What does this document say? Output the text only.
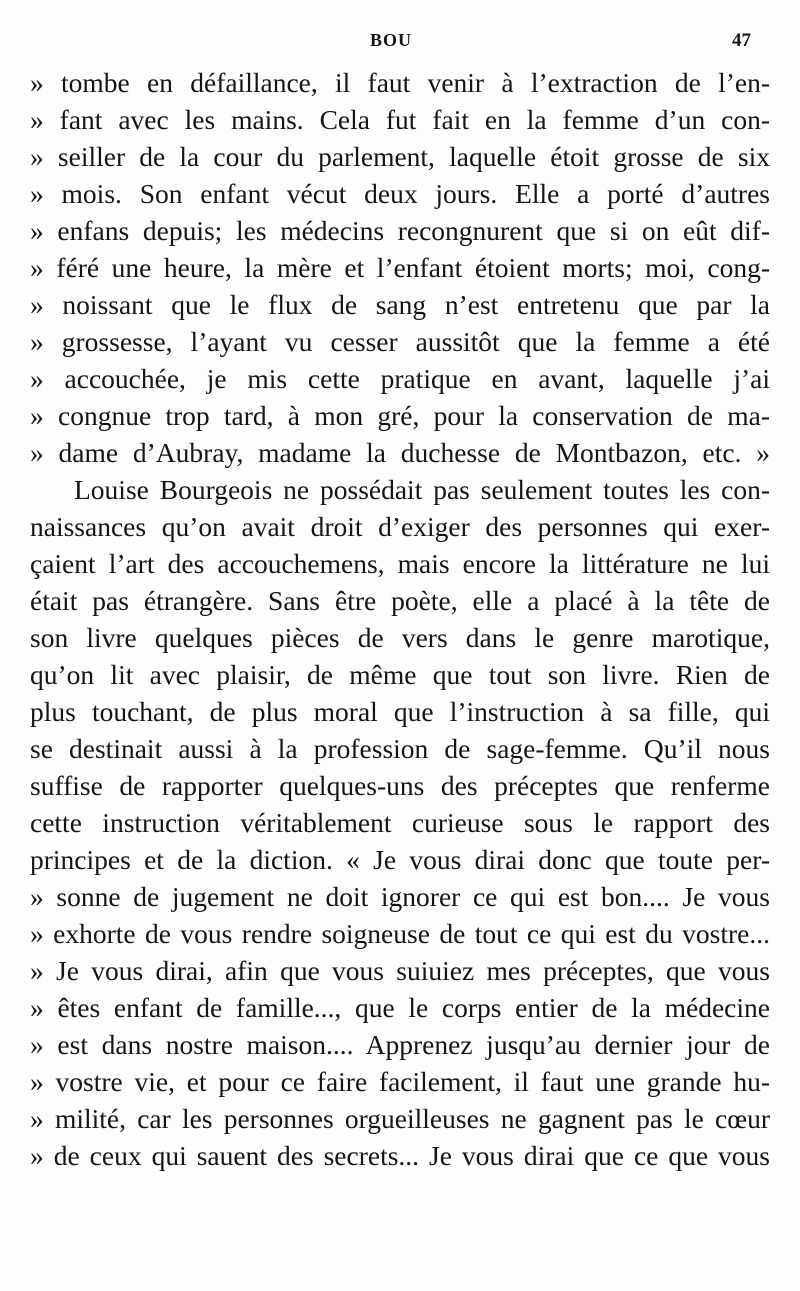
BOU	47
» tombe en défaillance, il faut venir à l’extraction de l’en-
» fant avec les mains. Cela fut fait en la femme d’un con-
» seiller de la cour du parlement, laquelle étoit grosse de six
» mois. Son enfant vécut deux jours. Elle a porté d’autres
» enfans depuis; les médecins recongnurent que si on eût dif-
» féré une heure, la mère et l’enfant étoient morts; moi, cong-
» noissant que le flux de sang n’est entretenu que par la
» grossesse, l’ayant vu cesser aussitôt que la femme a été
» accouchée, je mis cette pratique en avant, laquelle j’ai
» congnue trop tard, à mon gré, pour la conservation de ma-
» dame d’Aubray, madame la duchesse de Montbazon, etc. »
Louise Bourgeois ne possédait pas seulement toutes les con-
naissances qu’on avait droit d’exiger des personnes qui exer-
çaient l’art des accouchemens, mais encore la littérature ne lui
était pas étrangère. Sans être poète, elle a placé à la tête de
son livre quelques pièces de vers dans le genre marotique,
qu’on lit avec plaisir, de même que tout son livre. Rien de
plus touchant, de plus moral que l’instruction à sa fille, qui
se destinait aussi à la profession de sage-femme. Qu’il nous
suffise de rapporter quelques-uns des préceptes que renferme
cette instruction véritablement curieuse sous le rapport des
principes et de la diction. « Je vous dirai donc que toute per-
» sonne de jugement ne doit ignorer ce qui est bon.... Je vous
» exhorte de vous rendre soigneuse de tout ce qui est du vostre...
» Je vous dirai, afin que vous suiuiez mes préceptes, que vous
» êtes enfant de famille..., que le corps entier de la médecine
» est dans nostre maison.... Apprenez jusqu’au dernier jour de
» vostre vie, et pour ce faire facilement, il faut une grande hu-
» milité, car les personnes orgueilleuses ne gagnent pas le cœur
» de ceux qui sauent des secrets... Je vous dirai que ce que vous
